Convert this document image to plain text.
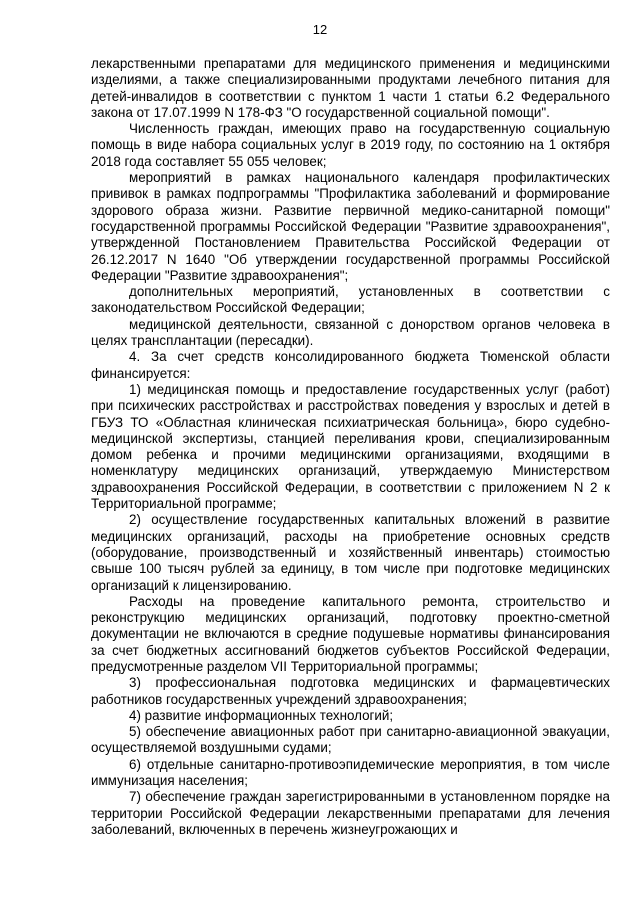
12

лекарственными препаратами для медицинского применения и медицинскими изделиями, а также специализированными продуктами лечебного питания для детей-инвалидов в соответствии с пунктом 1 части 1 статьи 6.2 Федерального закона от 17.07.1999 N 178-ФЗ "О государственной социальной помощи".

Численность граждан, имеющих право на государственную социальную помощь в виде набора социальных услуг в 2019 году, по состоянию на 1 октября 2018 года составляет 55 055 человек;

мероприятий в рамках национального календаря профилактических прививок в рамках подпрограммы "Профилактика заболеваний и формирование здорового образа жизни. Развитие первичной медико-санитарной помощи" государственной программы Российской Федерации "Развитие здравоохранения", утвержденной Постановлением Правительства Российской Федерации от 26.12.2017 N 1640 "Об утверждении государственной программы Российской Федерации "Развитие здравоохранения";

дополнительных мероприятий, установленных в соответствии с законодательством Российской Федерации;

медицинской деятельности, связанной с донорством органов человека в целях трансплантации (пересадки).

4. За счет средств консолидированного бюджета Тюменской области финансируется:

1) медицинская помощь и предоставление государственных услуг (работ) при психических расстройствах и расстройствах поведения у взрослых и детей в ГБУЗ ТО «Областная клиническая психиатрическая больница», бюро судебно-медицинской экспертизы, станцией переливания крови, специализированным домом ребенка и прочими медицинскими организациями, входящими в номенклатуру медицинских организаций, утверждаемую Министерством здравоохранения Российской Федерации, в соответствии с приложением N 2 к Территориальной программе;

2) осуществление государственных капитальных вложений в развитие медицинских организаций, расходы на приобретение основных средств (оборудование, производственный и хозяйственный инвентарь) стоимостью свыше 100 тысяч рублей за единицу, в том числе при подготовке медицинских организаций к лицензированию.

Расходы на проведение капитального ремонта, строительство и реконструкцию медицинских организаций, подготовку проектно-сметной документации не включаются в средние подушевые нормативы финансирования за счет бюджетных ассигнований бюджетов субъектов Российской Федерации, предусмотренные разделом VII Территориальной программы;

3) профессиональная подготовка медицинских и фармацевтических работников государственных учреждений здравоохранения;

4) развитие информационных технологий;

5) обеспечение авиационных работ при санитарно-авиационной эвакуации, осуществляемой воздушными судами;

6) отдельные санитарно-противоэпидемические мероприятия, в том числе иммунизация населения;

7) обеспечение граждан зарегистрированными в установленном порядке на территории Российской Федерации лекарственными препаратами для лечения заболеваний, включенных в перечень жизнеугрожающих и
